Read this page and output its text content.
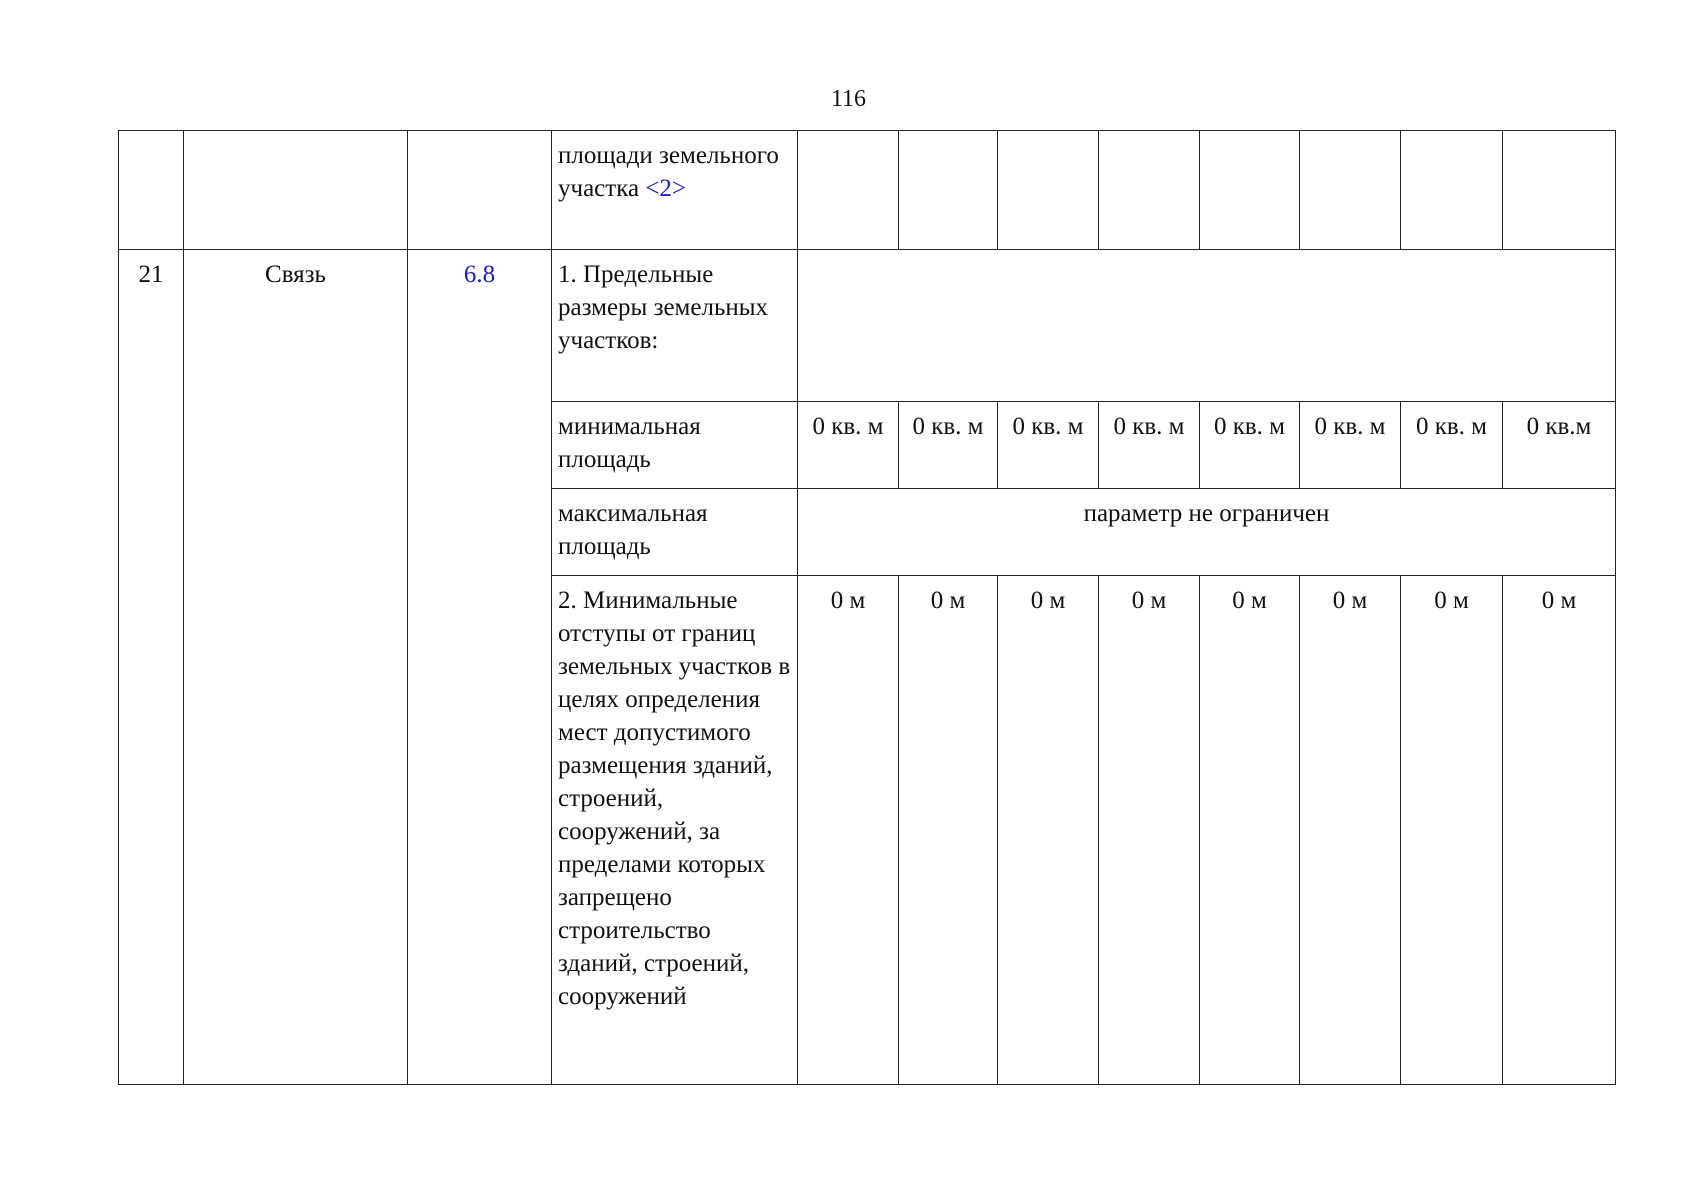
116
			площади земельного участка <2>								
21	Связь	6.8	1. Предельные размеры земельных участков:								
			минимальная площадь	0 кв. м	0 кв. м	0 кв. м	0 кв. м	0 кв. м	0 кв. м	0 кв. м	0 кв.м
			максимальная площадь	параметр не ограничен							
			2. Минимальные отступы от границ земельных участков в целях определения мест допустимого размещения зданий, строений, сооружений, за пределами которых запрещено строительство зданий, строений, сооружений	0 м	0 м	0 м	0 м	0 м	0 м	0 м	0 м
